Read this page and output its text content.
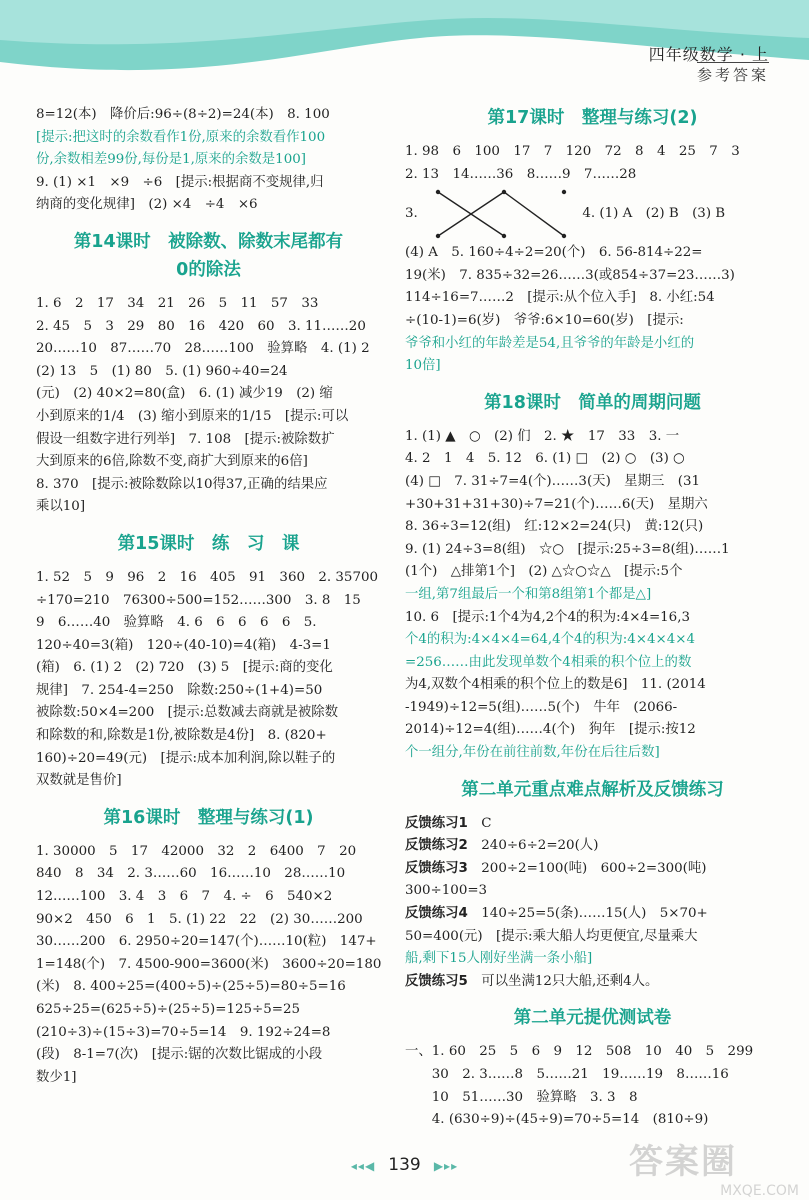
四年级数学 · 上
参考答案

8=12(本)　降价后:96÷(8÷2)=24(本)　8. 100

[提示:把这时的余数看作1份,原来的余数看作100

份,余数相差99份,每份是1,原来的余数是100]

9. (1) ×1　×9　÷6　[提示:根据商不变规律,归

纳商的变化规律]　(2) ×4　÷4　×6

第14课时　被除数、除数末尾都有
0的除法

1. 6　2　17　34　21　26　5　11　57　33

2. 45　5　3　29　80　16　420　60　3. 11……20

20……10　87……70　28……100　验算略　4. (1) 2

(2) 13　5　(1) 80　5. (1) 960÷40=24

(元)　(2) 40×2=80(盒)　6. (1) 减少19　(2) 缩

小到原来的1/4　(3) 缩小到原来的1/15　[提示:可以

假设一组数字进行列举]　7. 108　[提示:被除数扩

大到原来的6倍,除数不变,商扩大到原来的6倍]

8. 370　[提示:被除数除以10得37,正确的结果应

乘以10]

第15课时　练　习　课

1. 52　5　9　96　2　16　405　91　360　2. 35700

÷170=210　76300÷500=152……300　3. 8　15

9　6……40　验算略　4. 6　6　6　6　6　5.

120÷40=3(箱)　120÷(40-10)=4(箱)　4-3=1

(箱)　6. (1) 2　(2) 720　(3) 5　[提示:商的变化

规律]　7. 254-4=250　除数:250÷(1+4)=50

被除数:50×4=200　[提示:总数减去商就是被除数

和除数的和,除数是1份,被除数是4份]　8. (820+

160)÷20=49(元)　[提示:成本加利润,除以鞋子的

双数就是售价]

第16课时　整理与练习(1)

1. 30000　5　17　42000　32　2　6400　7　20

840　8　34　2. 3……60　16……10　28……10

12……100　3. 4　3　6　7　4. ÷　6　540×2

90×2　450　6　1　5. (1) 22　22　(2) 30……200

30……200　6. 2950÷20=147(个)……10(粒)　147+

1=148(个)　7. 4500-900=3600(米)　3600÷20=180

(米)　8. 400÷25=(400÷5)÷(25÷5)=80÷5=16

625÷25=(625÷5)÷(25÷5)=125÷5=25　(210÷3)÷(15÷3)=70÷5=14　9. 192÷24=8

(段)　8-1=7(次)　[提示:锯的次数比锯成的小段

数少1]

第17课时　整理与练习(2)

1. 98　6　100　17　7　120　72　8　4　25　7　3

2. 13　14……36　8……9　7……28

3.	4. (1) A　(2) B　(3) B

(4) A　5. 160÷4÷2=20(个)　6. 56-814÷22=

19(米)　7. 835÷32=26……3(或854÷37=23……3)

114÷16=7……2　[提示:从个位入手]　8. 小红:54

÷(10-1)=6(岁)　爷爷:6×10=60(岁)　[提示:

爷爷和小红的年龄差是54,且爷爷的年龄是小红的

10倍]

第18课时　简单的周期问题

1. (1) ▲　○　(2) 们　2. ★　17　33　3. 一

4. 2　1　4　5. 12　6. (1) □　(2) ○　(3) ○

(4) □　7. 31÷7=4(个)……3(天)　星期三　(31

+30+31+31+30)÷7=21(个)……6(天)　星期六

8. 36÷3=12(组)　红:12×2=24(只)　黄:12(只)

9. (1) 24÷3=8(组)　☆○　[提示:25÷3=8(组)……1

(1个)　△排第1个]　(2) △☆○☆△　[提示:5个

一组,第7组最后一个和第8组第1个都是△]

10. 6　[提示:1个4为4,2个4的积为:4×4=16,3

个4的积为:4×4×4=64,4个4的积为:4×4×4×4

=256……由此发现单数个4相乘的积个位上的数

为4,双数个4相乘的积个位上的数是6]　11. (2014

-1949)÷12=5(组)……5(个)　牛年　(2066-

2014)÷12=4(组)……4(个)　狗年　[提示:按12

个一组分,年份在前往前数,年份在后往后数]

第二单元重点难点解析及反馈练习

反馈练习1　 C

反馈练习2　 240÷6÷2=20(人)

反馈练习3　 200÷2=100(吨)　600÷2=300(吨)

300÷100=3

反馈练习4　 140÷25=5(条)……15(人)　5×70+

50=400(元)　[提示:乘大船人均更便宜,尽量乘大

船,剩下15人刚好坐满一条小船]

反馈练习5　 可以坐满12只大船,还剩4人。

第二单元提优测试卷

一、1. 60　25　5　6　9　12　508　10　40　5　299

　　30　2. 3……8　5……21　19……19　8……16

　　10　51……30　验算略　3. 3　8

　　4. (630÷9)÷(45÷9)=70÷5=14　(810÷9)

◂◂◀ 139 ▶▸▸	答案圈
MXQE.COM
